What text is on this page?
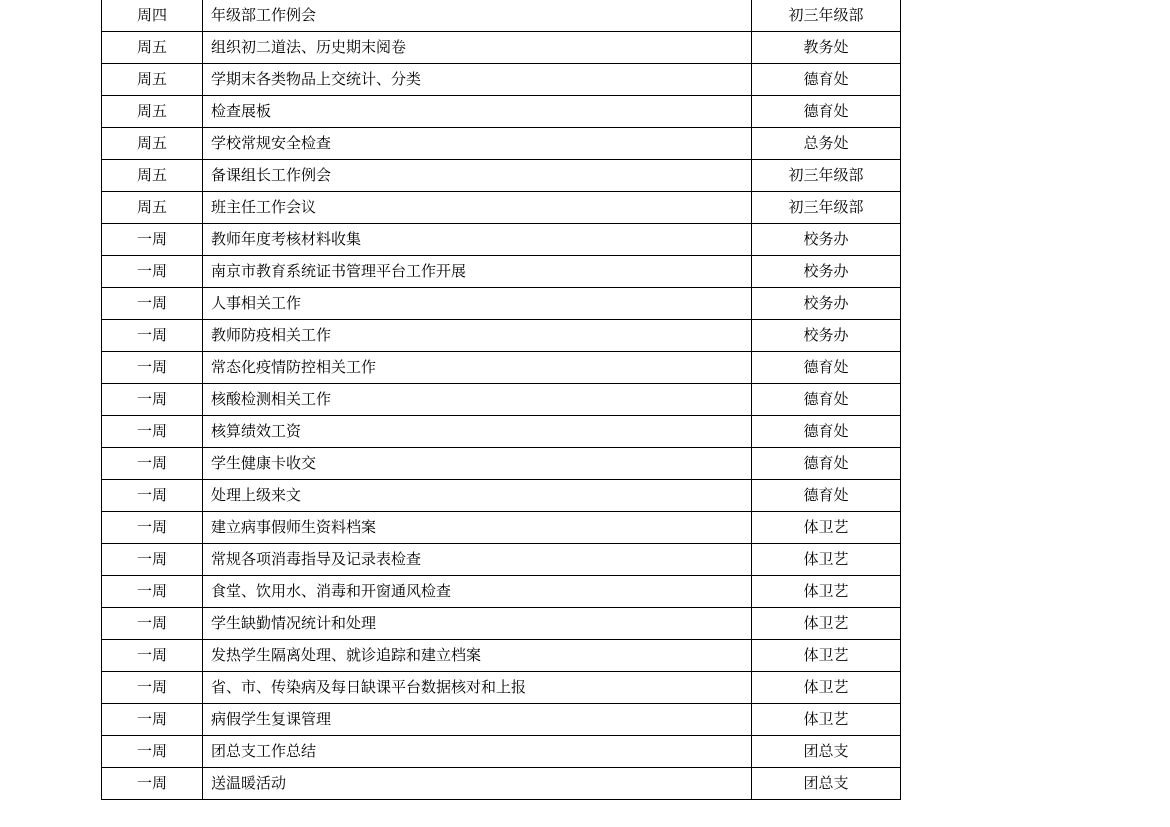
周四	年级部工作例会	初三年级部
周五	组织初二道法、历史期末阅卷	教务处
周五	学期末各类物品上交统计、分类	德育处
周五	检查展板	德育处
周五	学校常规安全检查	总务处
周五	备课组长工作例会	初三年级部
周五	班主任工作会议	初三年级部
一周	教师年度考核材料收集	校务办
一周	南京市教育系统证书管理平台工作开展	校务办
一周	人事相关工作	校务办
一周	教师防疫相关工作	校务办
一周	常态化疫情防控相关工作	德育处
一周	核酸检测相关工作	德育处
一周	核算绩效工资	德育处
一周	学生健康卡收交	德育处
一周	处理上级来文	德育处
一周	建立病事假师生资料档案	体卫艺
一周	常规各项消毒指导及记录表检查	体卫艺
一周	食堂、饮用水、消毒和开窗通风检查	体卫艺
一周	学生缺勤情况统计和处理	体卫艺
一周	发热学生隔离处理、就诊追踪和建立档案	体卫艺
一周	省、市、传染病及每日缺课平台数据核对和上报	体卫艺
一周	病假学生复课管理	体卫艺
一周	团总支工作总结	团总支
一周	送温暖活动	团总支
